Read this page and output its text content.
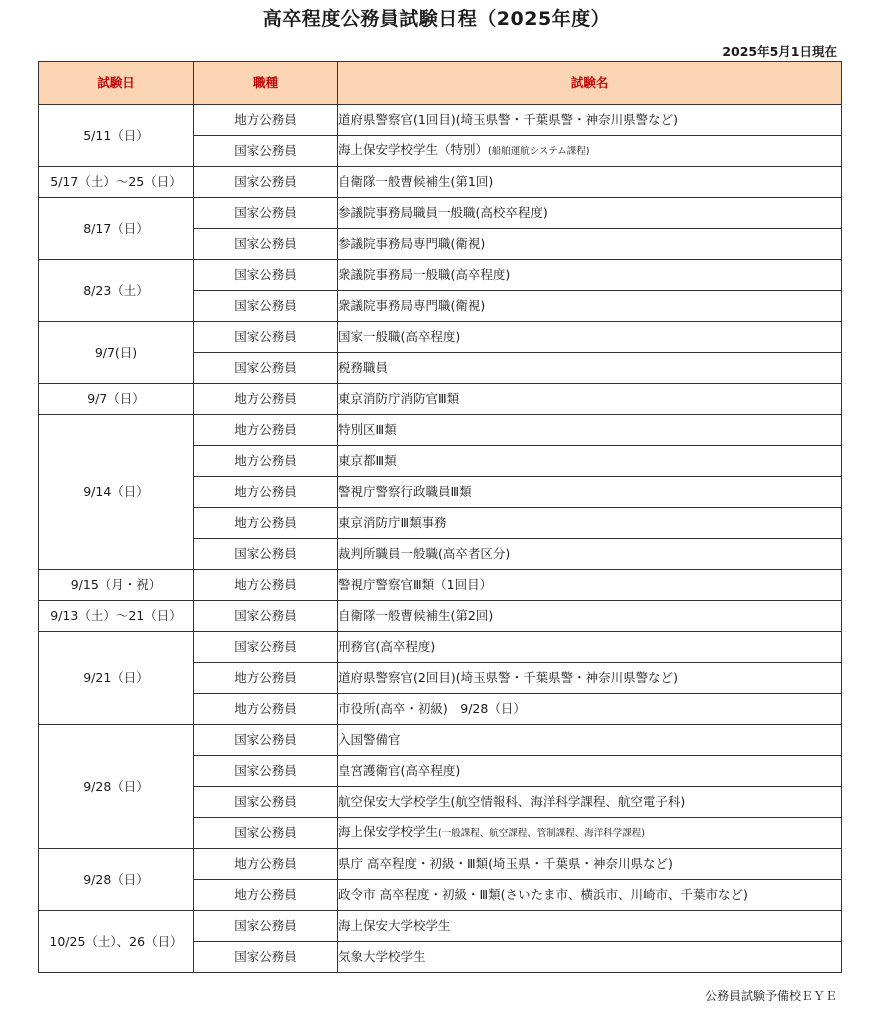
高卒程度公務員試験日程（2025年度）
2025年5月1日現在
試験日	職種	試験名
5/11（日）	地方公務員	道府県警察官(1回目)(埼玉県警・千葉県警・神奈川県警など)
	国家公務員	海上保安学校学生（特別）(船舶運航システム課程)
5/17（土）～25（日）	国家公務員	自衛隊一般曹候補生(第1回)
8/17（日）	国家公務員	参議院事務局職員一般職(高校卒程度)
	国家公務員	参議院事務局専門職(衛視)
8/23（土）	国家公務員	衆議院事務局一般職(高卒程度)
	国家公務員	衆議院事務局専門職(衛視)
9/7(日)	国家公務員	国家一般職(高卒程度)
	国家公務員	税務職員
9/7（日）	地方公務員	東京消防庁消防官Ⅲ類
9/14（日）	地方公務員	特別区Ⅲ類
	地方公務員	東京都Ⅲ類
	地方公務員	警視庁警察行政職員Ⅲ類
	地方公務員	東京消防庁Ⅲ類事務
	国家公務員	裁判所職員一般職(高卒者区分)
9/15（月・祝）	地方公務員	警視庁警察官Ⅲ類（1回目）
9/13（土）～21（日）	国家公務員	自衛隊一般曹候補生(第2回)
9/21（日）	国家公務員	刑務官(高卒程度)
	地方公務員	道府県警察官(2回目)(埼玉県警・千葉県警・神奈川県警など)
	地方公務員	市役所(高卒・初級)　9/28（日）
9/28（日）	国家公務員	入国警備官
	国家公務員	皇宮護衛官(高卒程度)
	国家公務員	航空保安大学校学生(航空情報科、海洋科学課程、航空電子科)
	国家公務員	海上保安学校学生(一般課程、航空課程、管制課程、海洋科学課程)
9/28（日）	地方公務員	県庁 高卒程度・初級・Ⅲ類(埼玉県・千葉県・神奈川県など)
	地方公務員	政令市 高卒程度・初級・Ⅲ類(さいたま市、横浜市、川崎市、千葉市など)
10/25（土）、26（日）	国家公務員	海上保安大学校学生
	国家公務員	気象大学校学生
公務員試験予備校ＥＹＥ
